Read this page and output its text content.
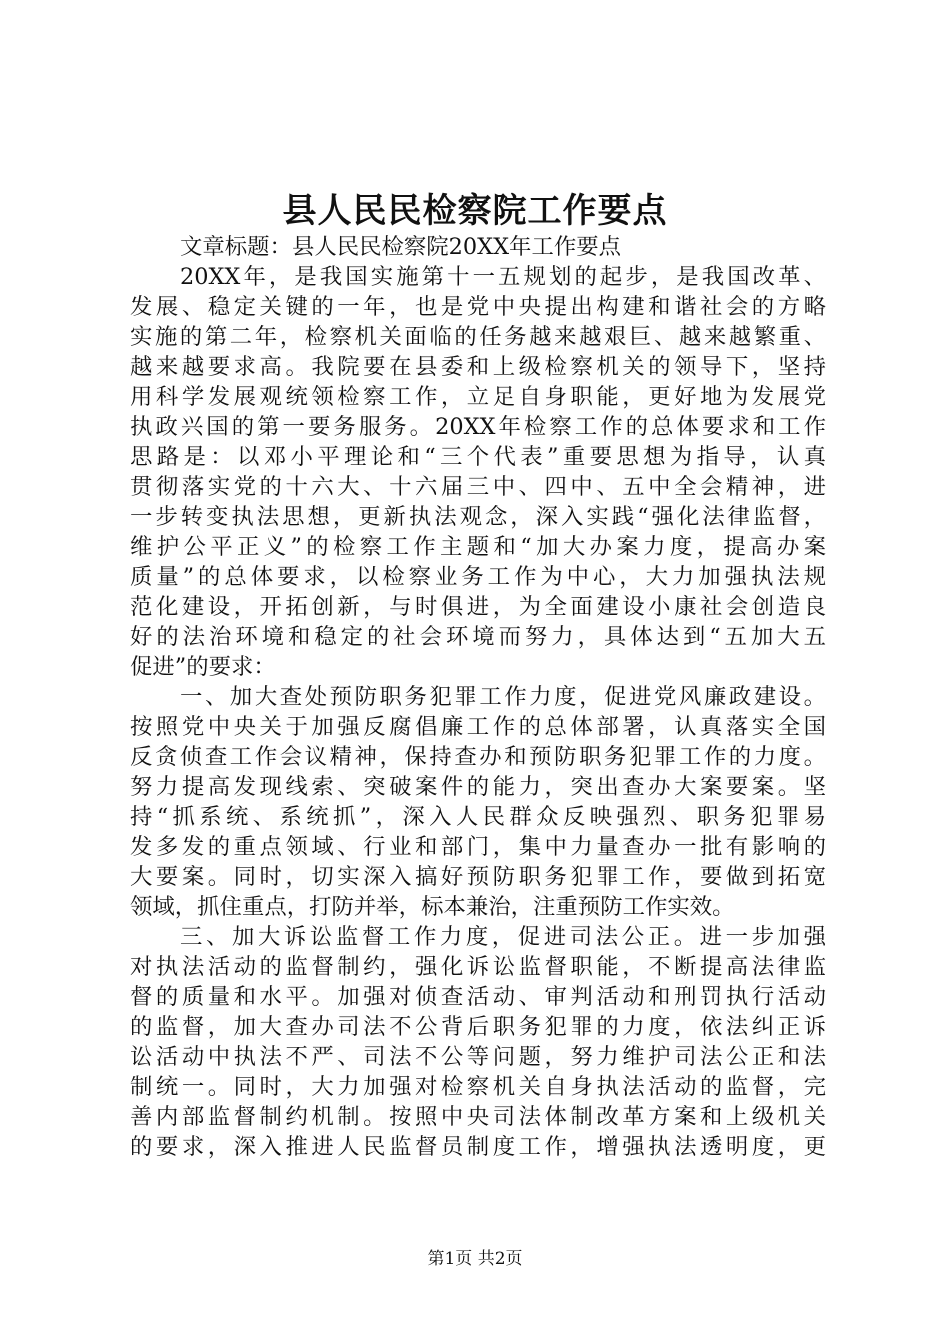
县人民民检察院工作要点
文章标题：县人民民检察院20XX年工作要点
20XX年，是我国实施第十一五规划的起步，是我国改革、
发展、稳定关键的一年，也是党中央提出构建和谐社会的方略
实施的第二年，检察机关面临的任务越来越艰巨、越来越繁重、
越来越要求高。我院要在县委和上级检察机关的领导下，坚持
用科学发展观统领检察工作，立足自身职能，更好地为发展党
执政兴国的第一要务服务。20XX年检察工作的总体要求和工作
思路是：以邓小平理论和“三个代表”重要思想为指导，认真
贯彻落实党的十六大、十六届三中、四中、五中全会精神，进
一步转变执法思想，更新执法观念，深入实践“强化法律监督，
维护公平正义”的检察工作主题和“加大办案力度，提高办案
质量”的总体要求，以检察业务工作为中心，大力加强执法规
范化建设，开拓创新，与时俱进，为全面建设小康社会创造良
好的法治环境和稳定的社会环境而努力，具体达到“五加大五
促进”的要求：
一、加大查处预防职务犯罪工作力度，促进党风廉政建设。
按照党中央关于加强反腐倡廉工作的总体部署，认真落实全国
反贪侦查工作会议精神，保持查办和预防职务犯罪工作的力度。
努力提高发现线索、突破案件的能力，突出查办大案要案。坚
持“抓系统、系统抓”，深入人民群众反映强烈、职务犯罪易
发多发的重点领域、行业和部门，集中力量查办一批有影响的
大要案。同时，切实深入搞好预防职务犯罪工作，要做到拓宽
领域，抓住重点，打防并举，标本兼治，注重预防工作实效。
三、加大诉讼监督工作力度，促进司法公正。进一步加强
对执法活动的监督制约，强化诉讼监督职能，不断提高法律监
督的质量和水平。加强对侦查活动、审判活动和刑罚执行活动
的监督，加大查办司法不公背后职务犯罪的力度，依法纠正诉
讼活动中执法不严、司法不公等问题，努力维护司法公正和法
制统一。同时，大力加强对检察机关自身执法活动的监督，完
善内部监督制约机制。按照中央司法体制改革方案和上级机关
的要求，深入推进人民监督员制度工作，增强执法透明度，更
第1页 共2页
